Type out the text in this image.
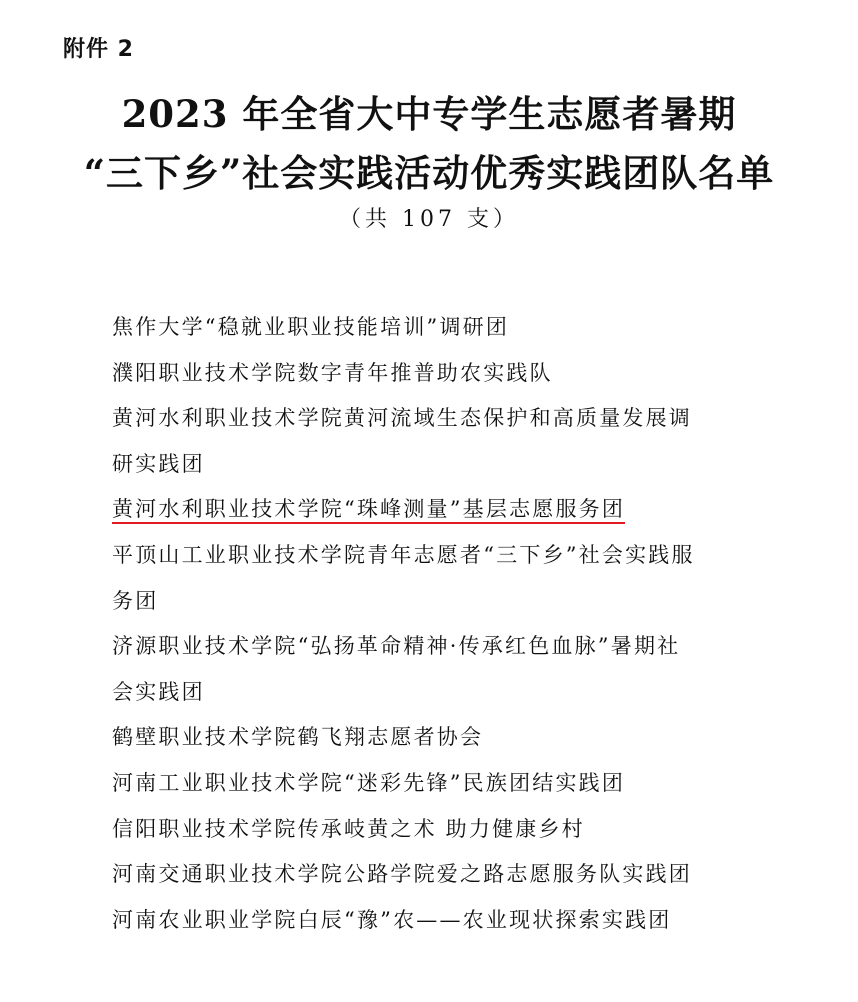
附件 2
2023 年全省大中专学生志愿者暑期
“三下乡”社会实践活动优秀实践团队名单
（共 107 支）
焦作大学“稳就业职业技能培训”调研团
濮阳职业技术学院数字青年推普助农实践队
黄河水利职业技术学院黄河流域生态保护和高质量发展调
研实践团
黄河水利职业技术学院“珠峰测量”基层志愿服务团
平顶山工业职业技术学院青年志愿者“三下乡”社会实践服
务团
济源职业技术学院“弘扬革命精神·传承红色血脉”暑期社
会实践团
鹤壁职业技术学院鹤飞翔志愿者协会
河南工业职业技术学院“迷彩先锋”民族团结实践团
信阳职业技术学院传承岐黄之术 助力健康乡村
河南交通职业技术学院公路学院爱之路志愿服务队实践团
河南农业职业学院白辰“豫”农——农业现状探索实践团
